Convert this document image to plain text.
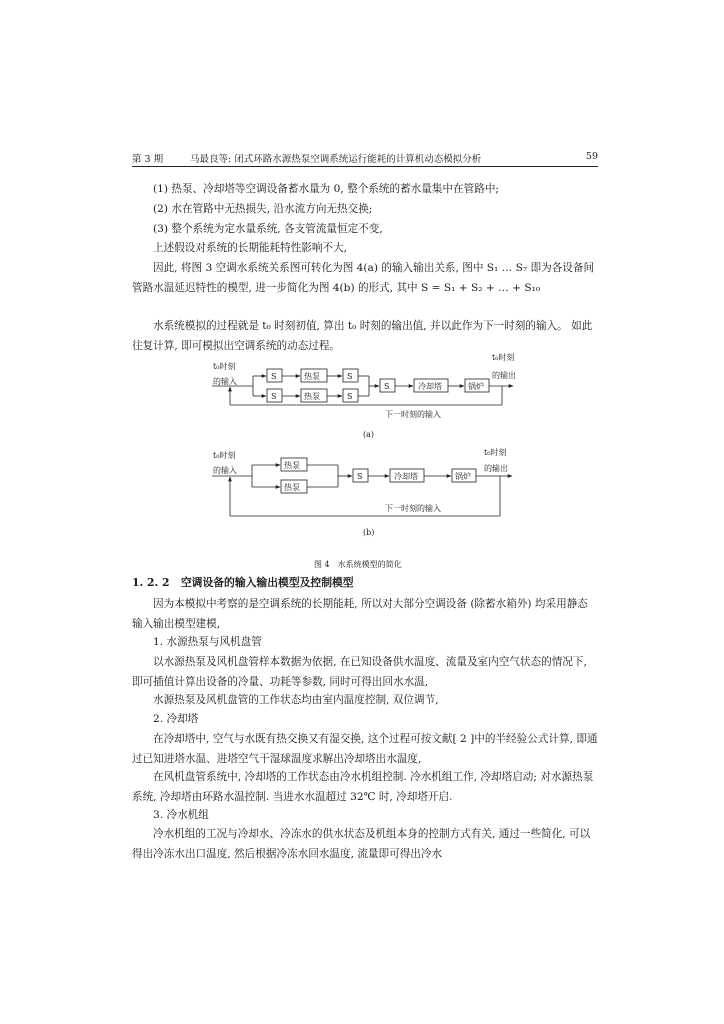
第 3 期	马最良等: 闭式环路水源热泵空调系统运行能耗的计算机动态模拟分析	59

(1) 热泵、冷却塔等空调设备蓄水量为 0, 整个系统的蓄水量集中在管路中;

(2) 水在管路中无热损失, 沿水流方向无热交换;

(3) 整个系统为定水量系统, 各支管流量恒定不变,

上述假设对系统的长期能耗特性影响不大,

因此, 将图 3 空调水系统关系图可转化为图 4(a) 的输入输出关系, 图中 S₁ … S₇ 即为各设备间管路水温延迟特性的模型, 进一步简化为图 4(b) 的形式, 其中 S = S₁ + S₂ + … + S₁₀

水系统模拟的过程就是 t₀ 时刻初值, 算出 t₀ 时刻的输出值, 并以此作为下一时刻的输入。 如此往复计算, 即可模拟出空调系统的动态过程。

t₀时刻
的输入
S
S
热泵
热泵
S
S
S	冷却塔	锅炉
t₀时刻
的输出
下一时刻的输入
(a)
t₀时刻
的输入
热泵
热泵
S	冷却塔	锅炉
t₀时刻
的输出
下一时刻的输入
(b)
图 4　水系统模型的简化
1. 2. 2 空调设备的输入输出模型及控制模型

因为本模拟中考察的是空调系统的长期能耗, 所以对大部分空调设备 (除蓄水箱外) 均采用静态输入输出模型建模,

1. 水源热泵与风机盘管

以水源热泵及风机盘管样本数据为依据, 在已知设备供水温度、流量及室内空气状态的情况下, 即可插值计算出设备的冷量、功耗等参数, 同时可得出回水水温,

水源热泵及风机盘管的工作状态均由室内温度控制, 双位调节,

2. 冷却塔

在冷却塔中, 空气与水既有热交换又有湿交换, 这个过程可按文献[ 2 ]中的半经验公式计算, 即通过已知进塔水温、进塔空气干湿球温度求解出冷却塔出水温度,

在风机盘管系统中, 冷却塔的工作状态由冷水机组控制. 冷水机组工作, 冷却塔启动; 对水源热泵系统, 冷却塔由环路水温控制. 当进水水温超过 32℃ 时, 冷却塔开启.

3. 冷水机组

冷水机组的工况与冷却水、冷冻水的供水状态及机组本身的控制方式有关, 通过一些简化, 可以得出冷冻水出口温度, 然后根据冷冻水回水温度, 流量即可得出冷水
